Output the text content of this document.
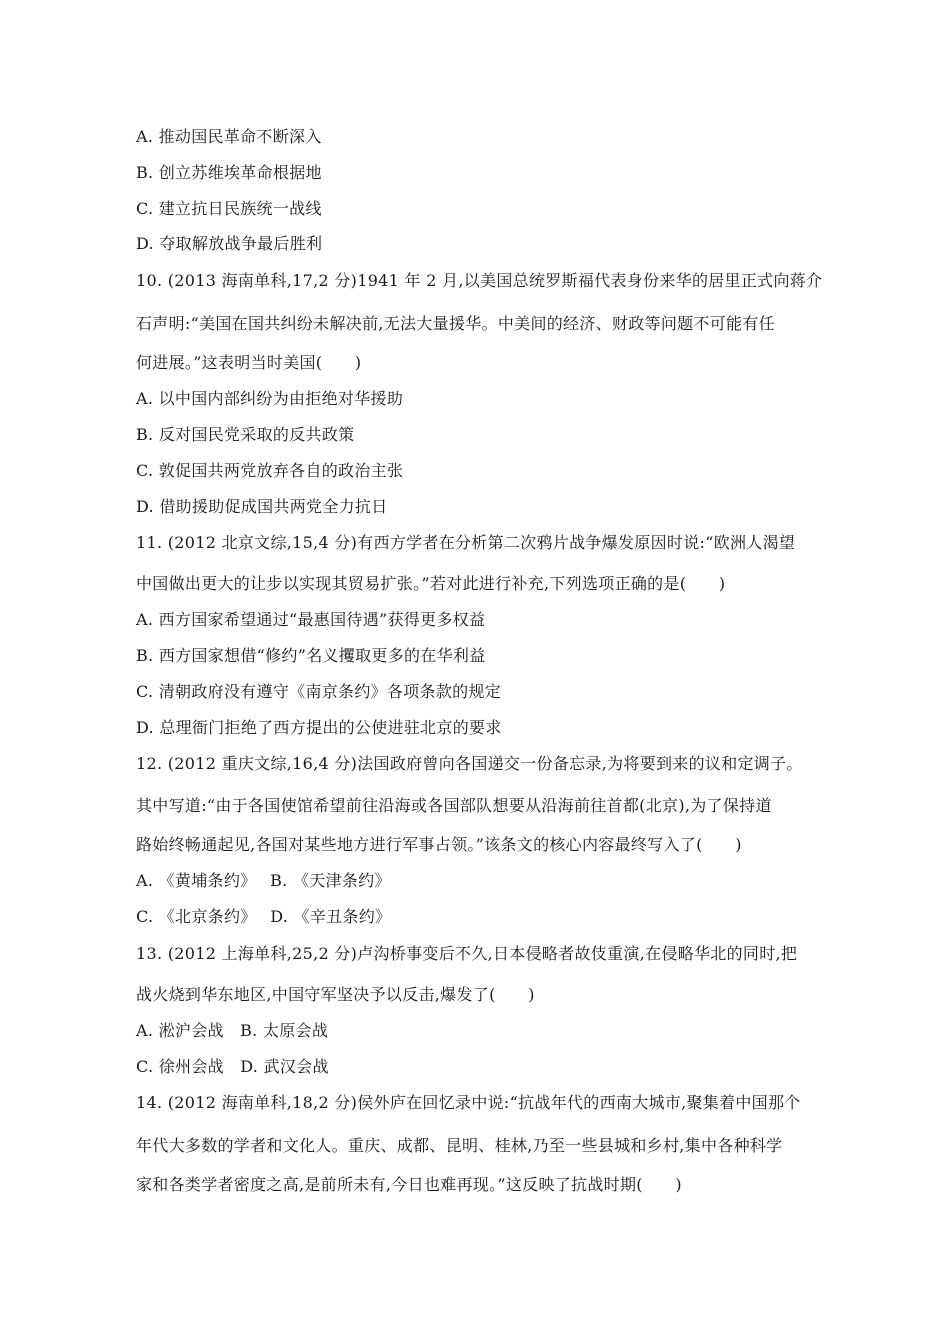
A. 推动国民革命不断深入
B. 创立苏维埃革命根据地
C. 建立抗日民族统一战线
D. 夺取解放战争最后胜利
10. (2013 海南单科,17,2 分)1941 年 2 月,以美国总统罗斯福代表身份来华的居里正式向蒋介
石声明:“美国在国共纠纷未解决前,无法大量援华。中美间的经济、财政等问题不可能有任
何进展。”这表明当时美国(　　)
A. 以中国内部纠纷为由拒绝对华援助
B. 反对国民党采取的反共政策
C. 敦促国共两党放弃各自的政治主张
D. 借助援助促成国共两党全力抗日
11. (2012 北京文综,15,4 分)有西方学者在分析第二次鸦片战争爆发原因时说:“欧洲人渴望
中国做出更大的让步以实现其贸易扩张。”若对此进行补充,下列选项正确的是(　　)
A. 西方国家希望通过“最惠国待遇”获得更多权益
B. 西方国家想借“修约”名义攫取更多的在华利益
C. 清朝政府没有遵守《南京条约》各项条款的规定
D. 总理衙门拒绝了西方提出的公使进驻北京的要求
12. (2012 重庆文综,16,4 分)法国政府曾向各国递交一份备忘录,为将要到来的议和定调子。
其中写道:“由于各国使馆希望前往沿海或各国部队想要从沿海前往首都(北京),为了保持道
路始终畅通起见,各国对某些地方进行军事占领。”该条文的核心内容最终写入了(　　)
A. 《黄埔条约》　 B. 《天津条约》
C. 《北京条约》　 D. 《辛丑条约》
13. (2012 上海单科,25,2 分)卢沟桥事变后不久,日本侵略者故伎重演,在侵略华北的同时,把
战火烧到华东地区,中国守军坚决予以反击,爆发了(　　)
A. 淞沪会战　B. 太原会战
C. 徐州会战　D. 武汉会战
14. (2012 海南单科,18,2 分)侯外庐在回忆录中说:“抗战年代的西南大城市,聚集着中国那个
年代大多数的学者和文化人。重庆、成都、昆明、桂林,乃至一些县城和乡村,集中各种科学
家和各类学者密度之高,是前所未有,今日也难再现。”这反映了抗战时期(　　)
